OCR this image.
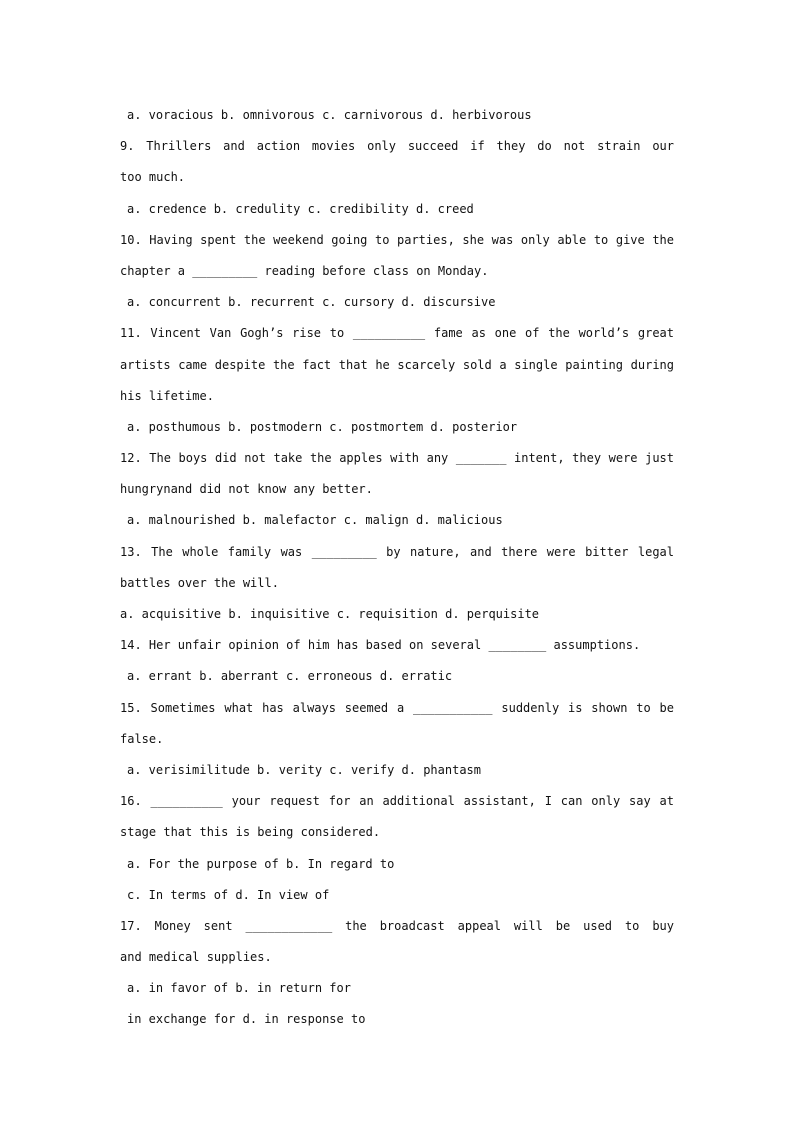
a. voracious b. omnivorous c. carnivorous d. herbivorous
9. Thrillers and action movies only succeed if they do not strain our
too much.
a. credence b. credulity c. credibility d. creed
10. Having spent the weekend going to parties, she was only able to give the
chapter a _________ reading before class on Monday.
a. concurrent b. recurrent c. cursory d. discursive
11. Vincent Van Gogh’s rise to __________ fame as one of the world’s great
artists came despite the fact that he scarcely sold a single painting during
his lifetime.
a. posthumous b. postmodern c. postmortem d. posterior
12. The boys did not take the apples with any _______ intent, they were just
hungrynand did not know any better.
a. malnourished b. malefactor c. malign d. malicious
13. The whole family was _________ by nature, and there were bitter legal
battles over the will.
a. acquisitive b. inquisitive c. requisition d. perquisite
14. Her unfair opinion of him has based on several ________ assumptions.
a. errant b. aberrant c. erroneous d. erratic
15. Sometimes what has always seemed a ___________ suddenly is shown to be
false.
a. verisimilitude b. verity c. verify d. phantasm
16. __________ your request for an additional assistant, I can only say at
stage that this is being considered.
a. For the purpose of b. In regard to
c. In terms of d. In view of
17. Money sent ____________ the broadcast appeal will be used to buy
and medical supplies.
a. in favor of b. in return for
in exchange for d. in response to
